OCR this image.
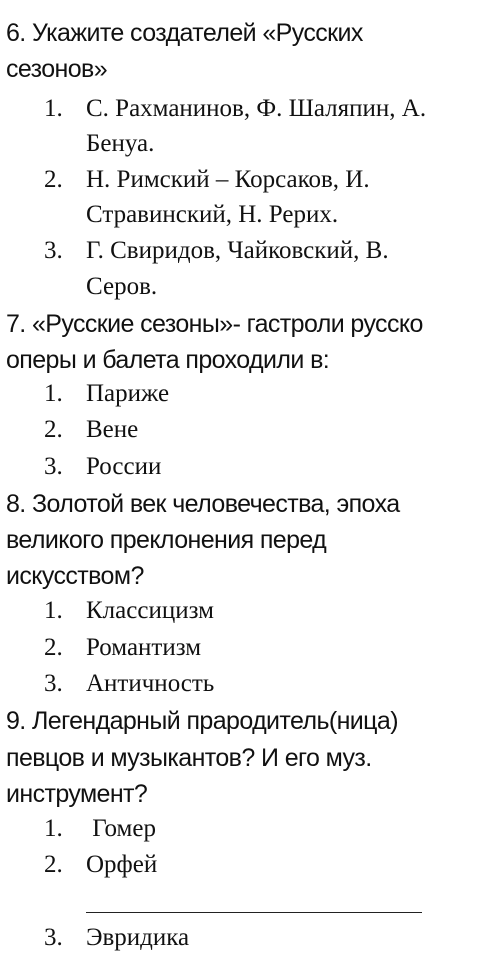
6. Укажите создателей «Русских
сезонов»
1. С. Рахманинов, Ф. Шаляпин, А.
Бенуа.
2. Н. Римский – Корсаков, И.
Стравинский, Н. Рерих.
3. Г. Свиридов, Чайковский, В.
Серов.
7. «Русские сезоны»- гастроли русско
оперы и балета проходили в:
1. Париже
2. Вене
3. России
8. Золотой век человечества, эпоха
великого преклонения перед
искусством?
1. Классицизм
2. Романтизм
3. Античность
9. Легендарный прародитель(ница)
певцов и музыкантов? И его муз.
инструмент?
1. Гомер
2. Орфей
3. Эвридика
